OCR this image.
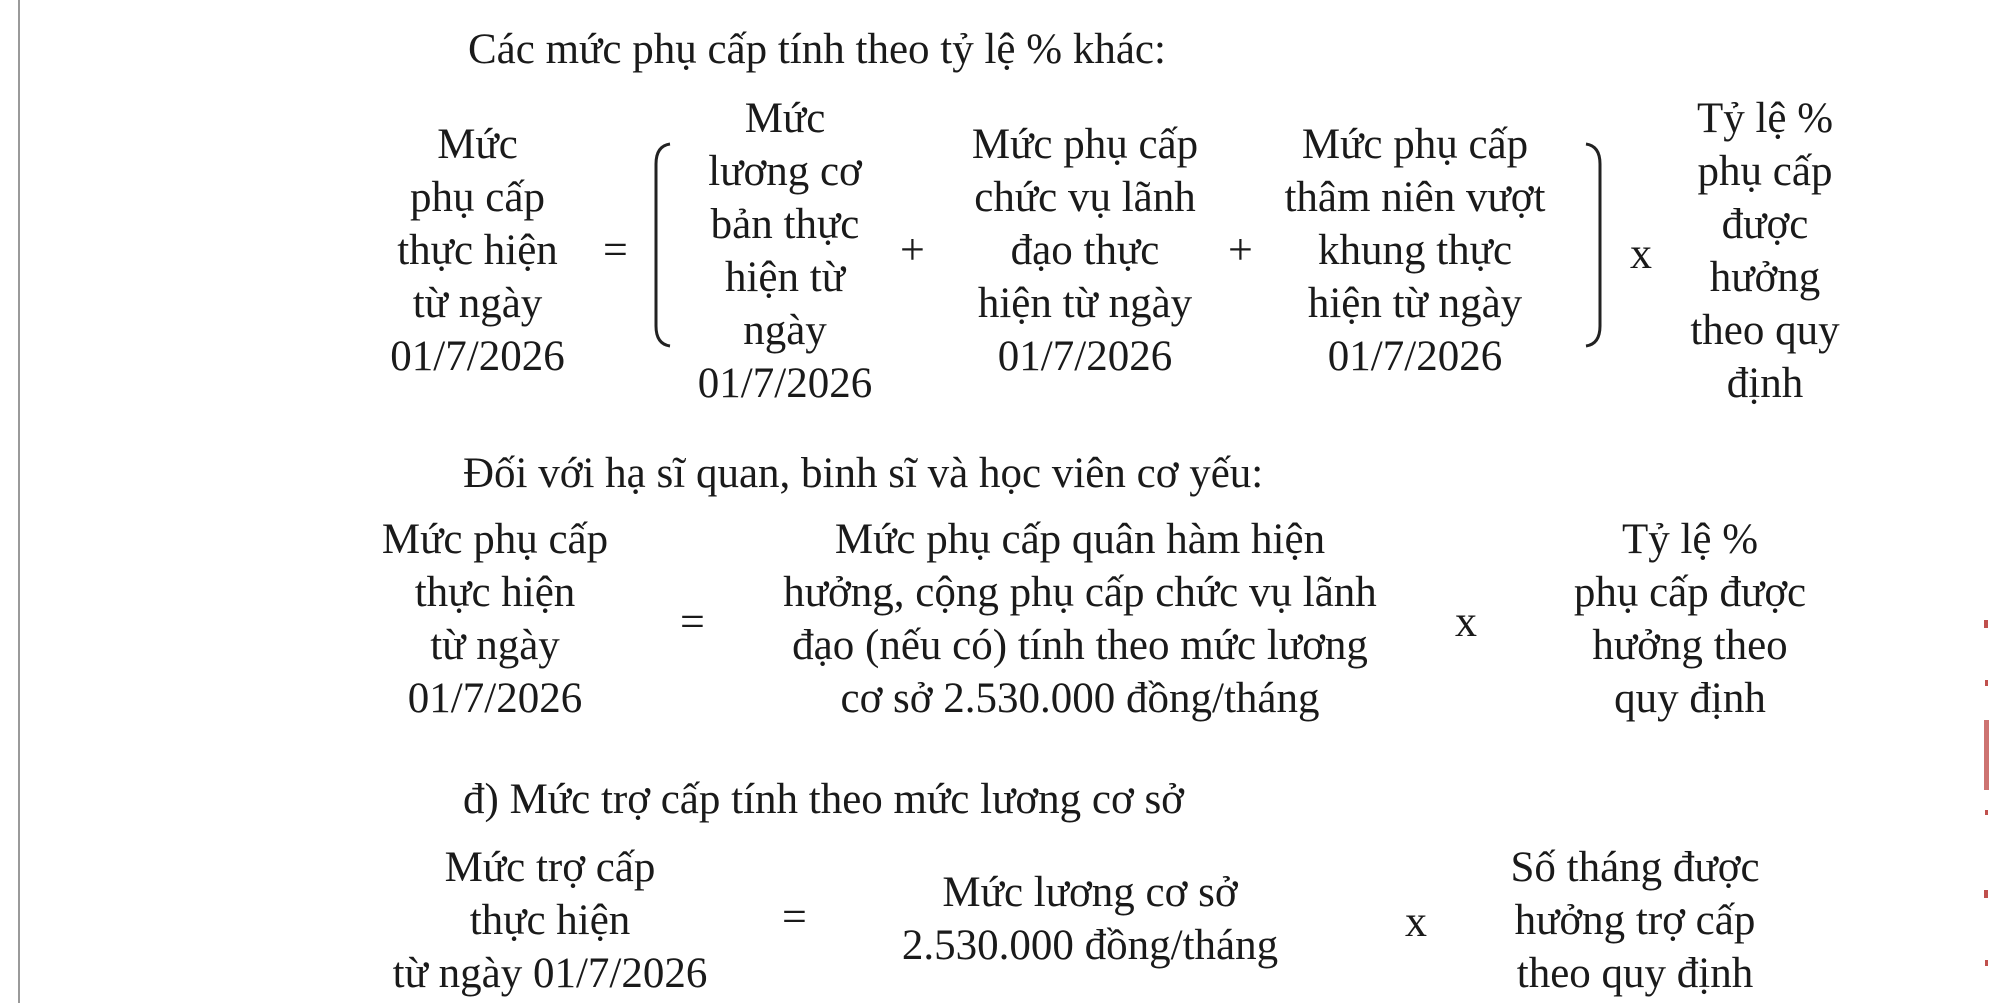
Các mức phụ cấp tính theo tỷ lệ % khác:
Mức
phụ cấp
thực hiện
từ ngày
01/7/2026
=
Mức
lương cơ
bản thực
hiện từ
ngày
01/7/2026
+
Mức phụ cấp
chức vụ lãnh
đạo thực
hiện từ ngày
01/7/2026
+
Mức phụ cấp
thâm niên vượt
khung thực
hiện từ ngày
01/7/2026
x
Tỷ lệ %
phụ cấp
được
hưởng
theo quy
định
Đối với hạ sĩ quan, binh sĩ và học viên cơ yếu:
Mức phụ cấp
thực hiện
từ ngày
01/7/2026
=
Mức phụ cấp quân hàm hiện
hưởng, cộng phụ cấp chức vụ lãnh
đạo (nếu có) tính theo mức lương
cơ sở 2.530.000 đồng/tháng
x
Tỷ lệ %
phụ cấp được
hưởng theo
quy định
đ) Mức trợ cấp tính theo mức lương cơ sở
Mức trợ cấp
thực hiện
từ ngày 01/7/2026
=	Mức lương cơ sở
2.530.000 đồng/tháng	x
Số tháng được
hưởng trợ cấp
theo quy định
